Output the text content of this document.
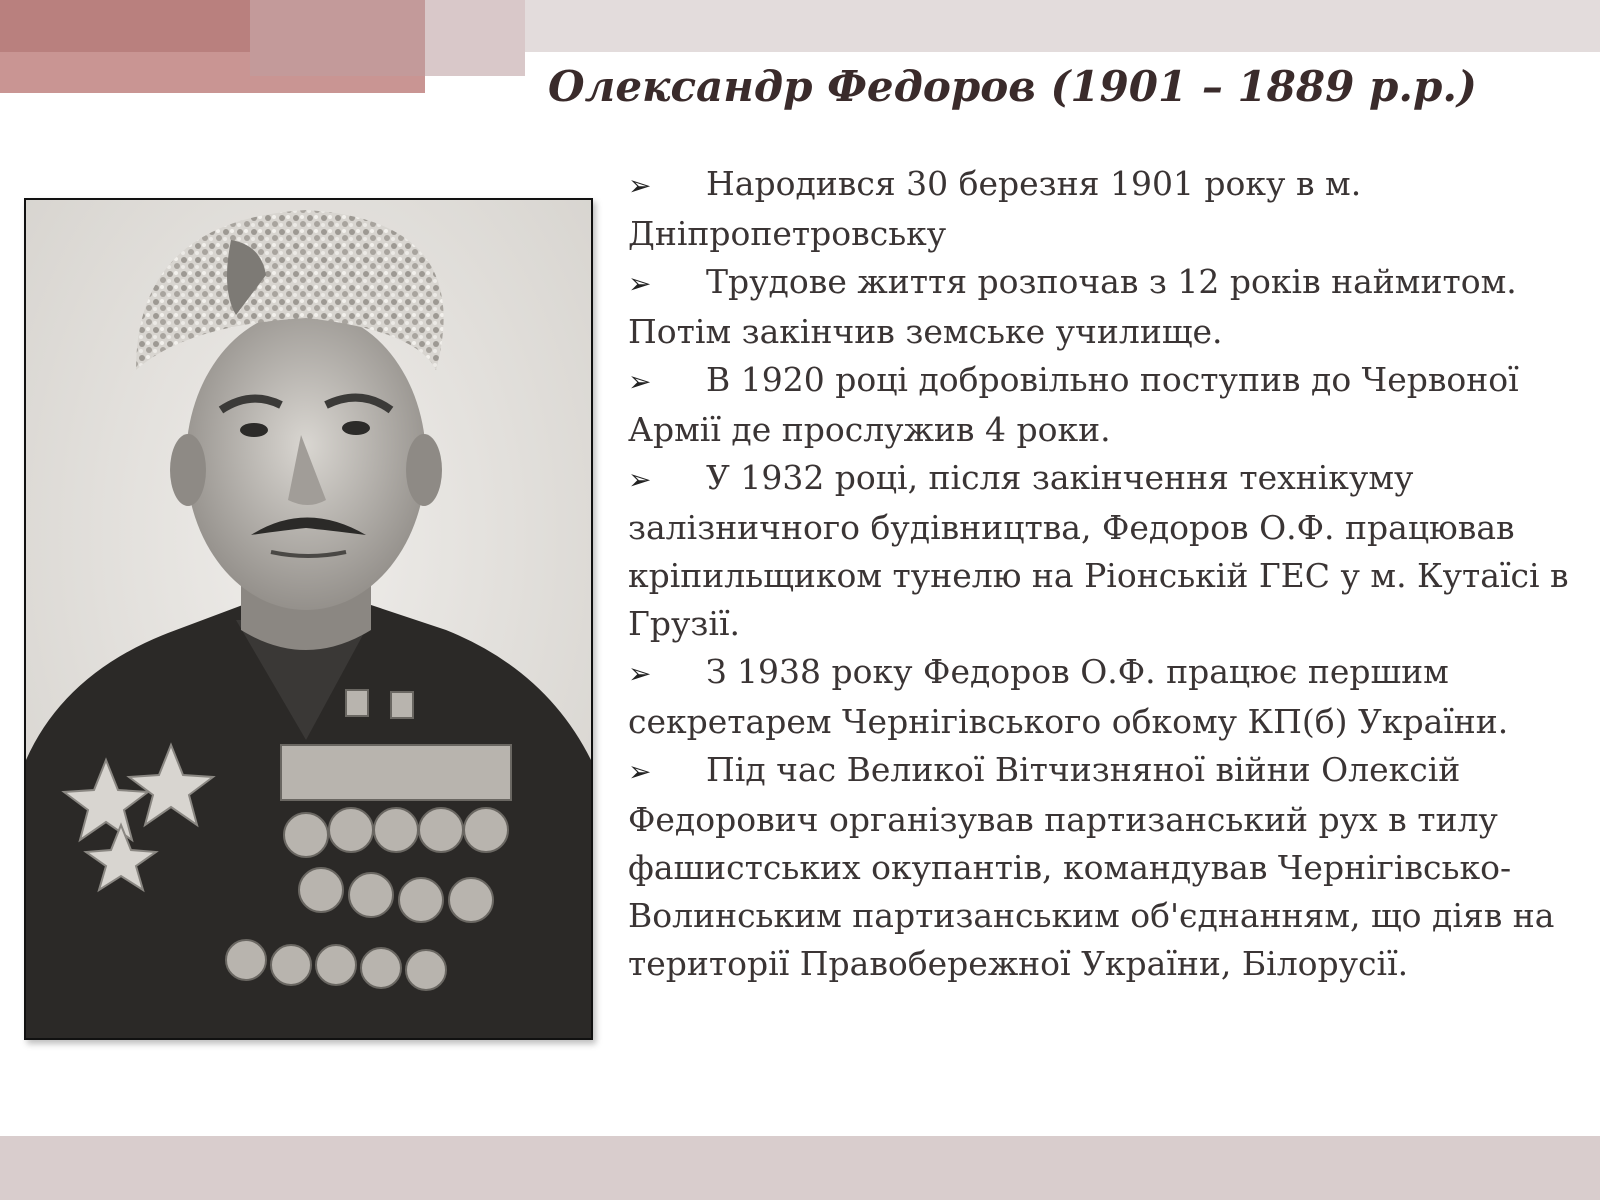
Олександр Федоров (1901 – 1889 р.р.)
➢ Народився 30 березня 1901 року в м. Дніпропетровську
➢ Трудове життя розпочав з 12 років наймитом. Потім закінчив земське училище.
➢ В 1920 році добровільно поступив до Червоної Армії де прослужив 4 роки.
➢ У 1932 році, після закінчення технікуму залізничного будівництва, Федоров О.Ф. працював кріпильщиком тунелю на Ріонській ГЕС у м. Кутаїсі в Грузії.
➢ З 1938 року Федоров О.Ф. працює першим секретарем Чернігівського обкому КП(б) України.
➢ Під час Великої Вітчизняної війни Олексій Федорович організував партизанський рух в тилу фашистських окупантів, командував Чернігівсько-Волинським партизанським об'єднанням, що діяв на території Правобережної України, Білорусії.
